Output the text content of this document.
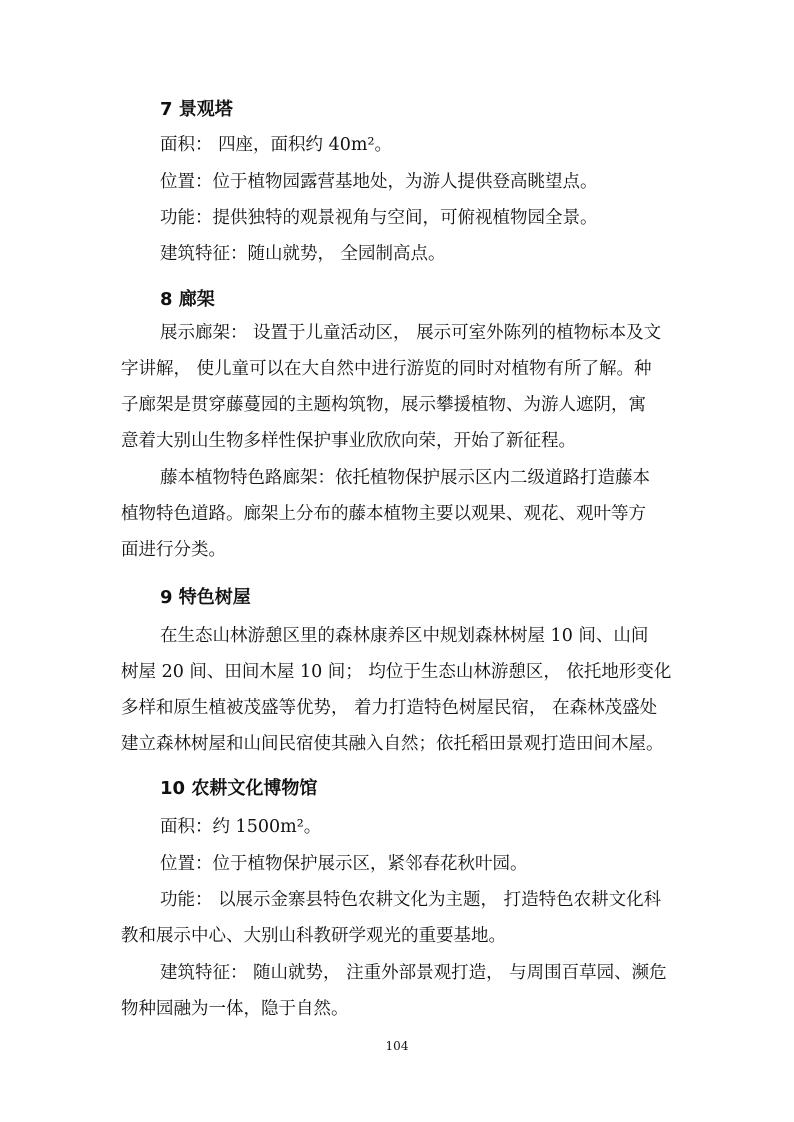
7 景观塔

面积： 四座，面积约 40m²。

位置：位于植物园露营基地处，为游人提供登高眺望点。

功能：提供独特的观景视角与空间，可俯视植物园全景。

建筑特征：随山就势， 全园制高点。

8 廊架

展示廊架： 设置于儿童活动区， 展示可室外陈列的植物标本及文

字讲解， 使儿童可以在大自然中进行游览的同时对植物有所了解。种

子廊架是贯穿藤蔓园的主题构筑物，展示攀援植物、为游人遮阴，寓

意着大别山生物多样性保护事业欣欣向荣，开始了新征程。

藤本植物特色路廊架：依托植物保护展示区内二级道路打造藤本

植物特色道路。廊架上分布的藤本植物主要以观果、观花、观叶等方

面进行分类。

9 特色树屋

在生态山林游憩区里的森林康养区中规划森林树屋 10 间、山间

树屋 20 间、田间木屋 10 间； 均位于生态山林游憩区， 依托地形变化

多样和原生植被茂盛等优势， 着力打造特色树屋民宿， 在森林茂盛处

建立森林树屋和山间民宿使其融入自然；依托稻田景观打造田间木屋。

10 农耕文化博物馆

面积：约 1500m²。

位置：位于植物保护展示区，紧邻春花秋叶园。

功能： 以展示金寨县特色农耕文化为主题， 打造特色农耕文化科

教和展示中心、大别山科教研学观光的重要基地。

建筑特征： 随山就势， 注重外部景观打造， 与周围百草园、濒危

物种园融为一体，隐于自然。

104
